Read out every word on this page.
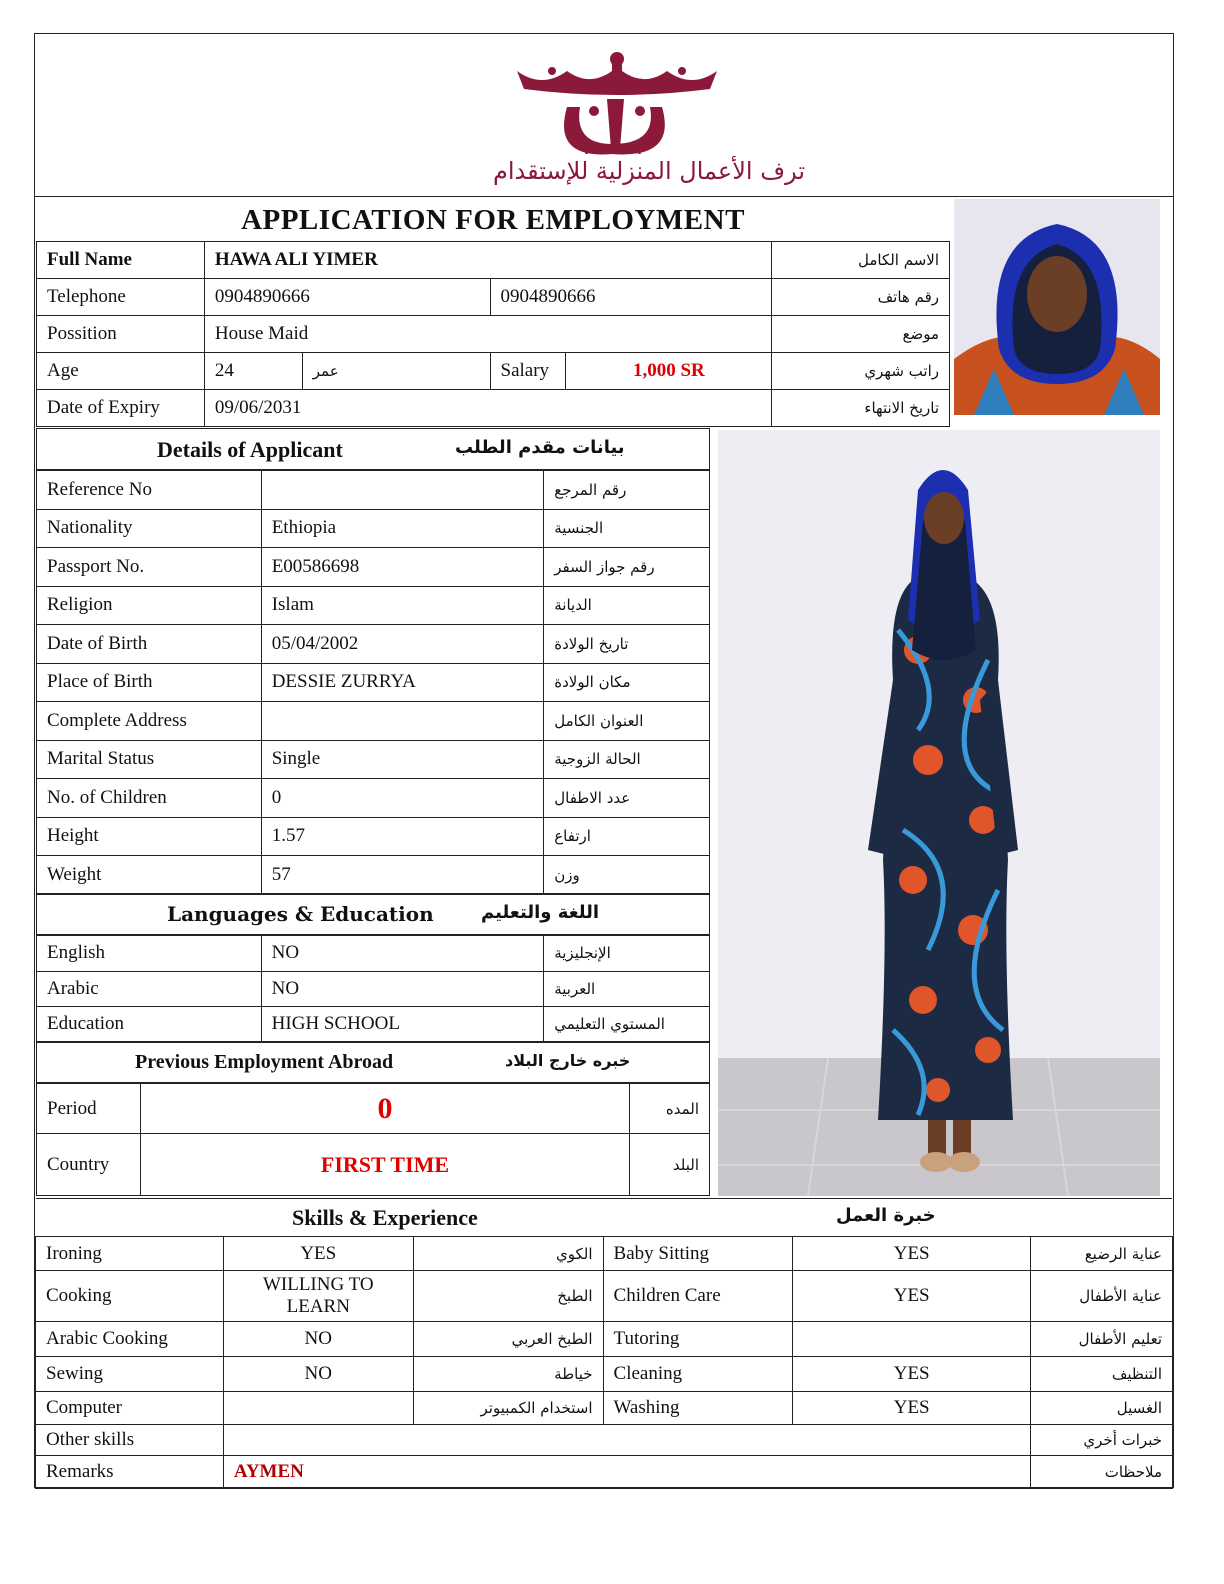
TARAF
ترف الأعمال المنزلية للإستقدام
APPLICATION FOR EMPLOYMENT
Full Name	HAWA ALI YIMER				الاسم الكامل
Telephone	0904890666		0904890666		رقم هاتف
Possition	House Maid				موضع
Age	24	عمر	Salary	1,000 SR	راتب شهري
Date of Expiry	09/06/2031				تاريخ الانتهاء
Details of Applicant	بيانات مقدم الطلب
Reference No		رقم المرجع
Nationality	Ethiopia	الجنسية
Passport No.	E00586698	رقم جواز السفر
Religion	Islam	الديانة
Date of Birth	05/04/2002	تاريخ الولادة
Place of Birth	DESSIE ZURRYA	مكان الولادة
Complete Address		العنوان الكامل
Marital Status	Single	الحالة الزوجية
No. of Children	0	عدد الاطفال
Height	1.57	ارتفاع
Weight	57	وزن
Languages & Education	اللغة والتعليم
English	NO	الإنجليزية
Arabic	NO	العربية
Education	HIGH SCHOOL	المستوي التعليمي
Previous Employment Abroad	خبره خارج البلاد
Period	0	المده
Country	FIRST TIME	البلد
Skills & Experience	خبرة العمل
Ironing	YES	الكوي	Baby Sitting	YES	عناية الرضيع
Cooking	WILLING TO LEARN	الطبخ	Children Care	YES	عناية الأطفال
Arabic Cooking	NO	الطبخ العربي	Tutoring		تعليم الأطفال
Sewing	NO	خياطة	Cleaning	YES	التنظيف
Computer		استخدام الكمبيوتر	Washing	YES	الغسيل
Other skills					خبرات أخري
Remarks	AYMEN				ملاحظات
